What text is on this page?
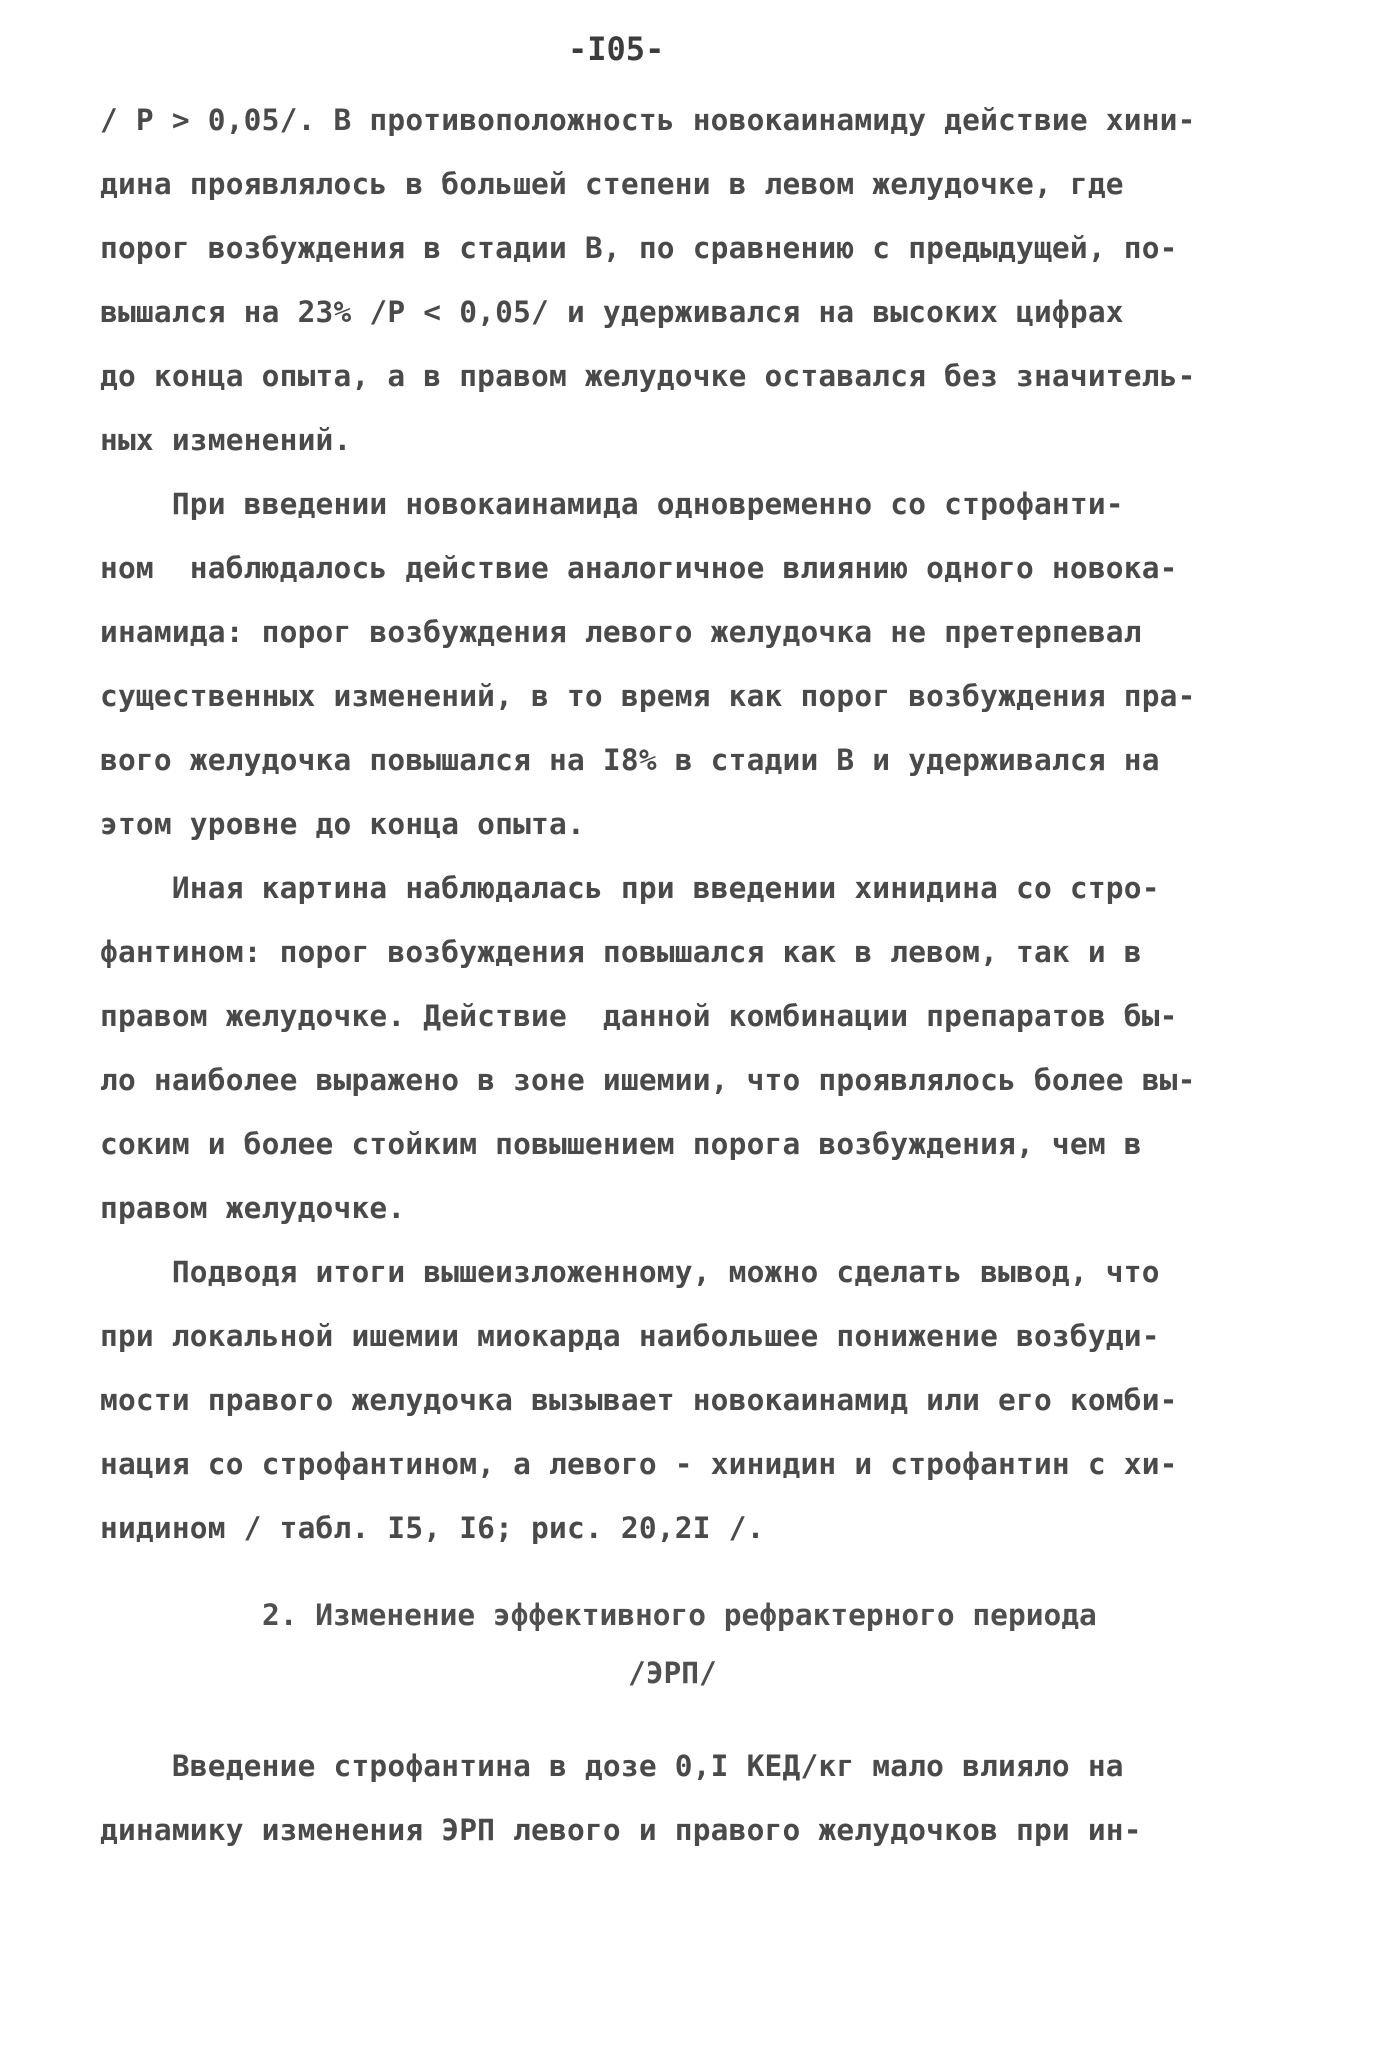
-I05-
/ P > 0,05/. В противоположность новокаинамиду действие хини-
дина проявлялось в большей степени в левом желудочке, где
порог возбуждения в стадии В, по сравнению с предыдущей, по-
вышался на 23% /P < 0,05/ и удерживался на высоких цифрах
до конца опыта, а в правом желудочке оставался без значитель-
ных изменений.
При введении новокаинамида одновременно со строфанти-
ном  наблюдалось действие аналогичное влиянию одного новока-
инамида: порог возбуждения левого желудочка не претерпевал
существенных изменений, в то время как порог возбуждения пра-
вого желудочка повышался на I8% в стадии В и удерживался на
этом уровне до конца опыта.
Иная картина наблюдалась при введении хинидина со стро-
фантином: порог возбуждения повышался как в левом, так и в
правом желудочке. Действие  данной комбинации препаратов бы-
ло наиболее выражено в зоне ишемии, что проявлялось более вы-
соким и более стойким повышением порога возбуждения, чем в
правом желудочке.
Подводя итоги вышеизложенному, можно сделать вывод, что
при локальной ишемии миокарда наибольшее понижение возбуди-
мости правого желудочка вызывает новокаинамид или его комби-
нация со строфантином, а левого - хинидин и строфантин с хи-
нидином / табл. I5, I6; рис. 20,2I /.
2. Изменение эффективного рефрактерного периода
/ЭРП/
Введение строфантина в дозе 0,I КЕД/кг мало влияло на
динамику изменения ЭРП левого и правого желудочков при ин-
